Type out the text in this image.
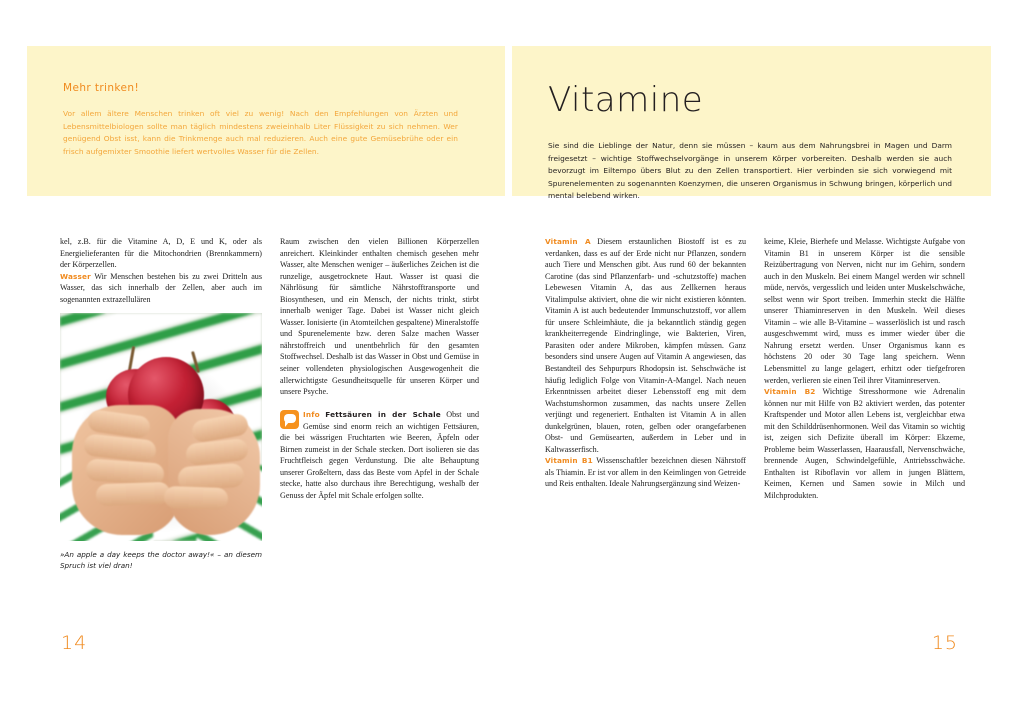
Mehr trinken!
Vor allem ältere Menschen trinken oft viel zu wenig! Nach den Empfehlungen von Ärzten und Lebensmittelbiologen sollte man täglich mindestens zweieinhalb Liter Flüssigkeit zu sich nehmen. Wer genügend Obst isst, kann die Trinkmenge auch mal reduzieren. Auch eine gute Gemüsebrühe oder ein frisch aufgemixter Smoothie liefert wertvolles Wasser für die Zellen.

kel, z.B. für die Vitamine A, D, E und K, oder als Energielieferanten für die Mitochondrien (Brennkammern) der Körperzellen.

Wasser Wir Menschen bestehen bis zu zwei Dritteln aus Wasser, das sich innerhalb der Zellen, aber auch im sogenannten extrazellulären

»An apple a day keeps the doctor away!« – an diesem Spruch ist viel dran!

Raum zwischen den vielen Billionen Körperzellen anreichert. Kleinkinder enthalten chemisch gesehen mehr Wasser, alte Menschen weniger – äußerliches Zeichen ist die runzelige, ausgetrocknete Haut. Wasser ist quasi die Nährlösung für sämtliche Nährstofftransporte und Biosynthesen, und ein Mensch, der nichts trinkt, stirbt innerhalb weniger Tage. Dabei ist Wasser nicht gleich Wasser. Ionisierte (in Atomteilchen gespaltene) Mineralstoffe und Spurenelemente bzw. deren Salze machen Wasser nährstoffreich und unentbehrlich für den gesamten Stoffwechsel. Deshalb ist das Wasser in Obst und Gemüse in seiner vollendeten physiologischen Ausgewogenheit die allerwichtigste Gesundheitsquelle für unseren Körper und unsere Psyche.

Info Fettsäuren in der Schale Obst und Gemüse sind enorm reich an wichtigen Fettsäuren, die bei wässrigen Fruchtarten wie Beeren, Äpfeln oder Birnen zumeist in der Schale stecken. Dort isolieren sie das Fruchtfleisch gegen Verdunstung. Die alte Behauptung unserer Großeltern, dass das Beste vom Apfel in der Schale stecke, hatte also durchaus ihre Berechtigung, weshalb der Genuss der Äpfel mit Schale erfolgen sollte.
14
Vitamine
Sie sind die Lieblinge der Natur, denn sie müssen – kaum aus dem Nahrungsbrei in Magen und Darm freigesetzt – wichtige Stoffwechselvorgänge in unserem Körper vorbereiten. Deshalb werden sie auch bevorzugt im Eiltempo übers Blut zu den Zellen transportiert. Hier verbinden sie sich vorwiegend mit Spurenelementen zu sogenannten Koenzymen, die unseren Organismus in Schwung bringen, körperlich und mental belebend wirken.

Vitamin A Diesem erstaunlichen Biostoff ist es zu verdanken, dass es auf der Erde nicht nur Pflanzen, sondern auch Tiere und Menschen gibt. Aus rund 60 der bekannten Carotine (das sind Pflanzenfarb- und -schutzstoffe) machen Lebewesen Vitamin A, das aus Zellkernen heraus Vitalimpulse aktiviert, ohne die wir nicht existieren könnten. Vitamin A ist auch bedeutender Immunschutzstoff, vor allem für unsere Schleimhäute, die ja bekanntlich ständig gegen krankheiterregende Eindringlinge, wie Bakterien, Viren, Parasiten oder andere Mikroben, kämpfen müssen. Ganz besonders sind unsere Augen auf Vitamin A angewiesen, das Bestandteil des Sehpurpurs Rhodopsin ist. Sehschwäche ist häufig lediglich Folge von Vitamin-A-Mangel. Nach neuen Erkenntnissen arbeitet dieser Lebensstoff eng mit dem Wachstumshormon zusammen, das nachts unsere Zellen verjüngt und regeneriert. Enthalten ist Vitamin A in allen dunkelgrünen, blauen, roten, gelben oder orangefarbenen Obst- und Gemüsearten, außerdem in Leber und in Kaltwasserfisch.

Vitamin B1 Wissenschaftler bezeichnen diesen Nährstoff als Thiamin. Er ist vor allem in den Keimlingen von Getreide und Reis enthalten. Ideale Nahrungsergänzung sind Weizen-

keime, Kleie, Bierhefe und Melasse. Wichtigste Aufgabe von Vitamin B1 in unserem Körper ist die sensible Reizübertragung von Nerven, nicht nur im Gehirn, sondern auch in den Muskeln. Bei einem Mangel werden wir schnell müde, nervös, vergesslich und leiden unter Muskelschwäche, selbst wenn wir Sport treiben. Immerhin steckt die Hälfte unserer Thiaminreserven in den Muskeln. Weil dieses Vitamin – wie alle B-Vitamine – wasserlöslich ist und rasch ausgeschwemmt wird, muss es immer wieder über die Nahrung ersetzt werden. Unser Organismus kann es höchstens 20 oder 30 Tage lang speichern. Wenn Lebensmittel zu lange gelagert, erhitzt oder tiefgefroren werden, verlieren sie einen Teil ihrer Vitaminreserven.

Vitamin B2 Wichtige Stresshormone wie Adrenalin können nur mit Hilfe von B2 aktiviert werden, das potenter Kraftspender und Motor allen Lebens ist, vergleichbar etwa mit den Schilddrüsenhormonen. Weil das Vitamin so wichtig ist, zeigen sich Defizite überall im Körper: Ekzeme, Probleme beim Wasserlassen, Haarausfall, Nervenschwäche, brennende Augen, Schwindelgefühle, Antriebsschwäche. Enthalten ist Riboflavin vor allem in jungen Blättern, Keimen, Kernen und Samen sowie in Milch und Milchprodukten.

15
